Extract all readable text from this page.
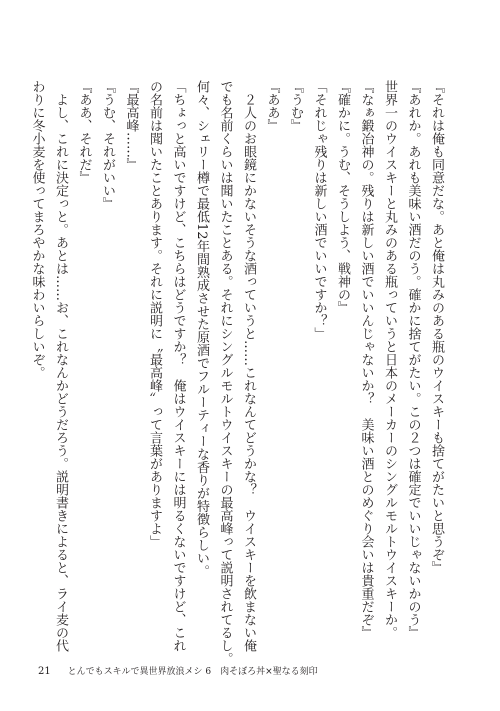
『それは俺も同意だな。あと俺は丸みのある瓶のウイスキーも捨てがたいと思うぞ』
『あれか。あれも美味い酒だのう。確かに捨てがたい。この２つは確定でいいじゃないかのう』
世界一のウイスキーと丸みのある瓶っていうと日本のメーカーのシングルモルトウイスキーか。
『なぁ鍛冶神の。残りは新しい酒でいいんじゃないか？　美味い酒とのめぐり会いは貴重だぞ』
『確かに。うむ、そうしよう、戦神の』
「それじゃ残りは新しい酒でいいですか？」
『うむ』
『ああ』
　２人のお眼鏡にかないそうな酒っていうと……これなんてどうかな？　ウイスキーを飲まない俺
でも名前くらいは聞いたことある。それにシングルモルトウイスキーの最高峰って説明されてるし。
何々、シェリー樽で最低12年間熟成させた原酒でフルーティーな香りが特徴らしい。
「ちょっと高いですけど、こちらはどうですか？　俺はウイスキーには明るくないですけど、これ
の名前は聞いたことあります。それに説明に〝最高峰〟って言葉がありますよ」
『最高峰……』
『うむ、それがいい』
『ああ、それだ』
　よし、これに決定っと。あとは……お、これなんかどうだろう。説明書きによると、ライ麦の代
わりに冬小麦を使ってまろやかな味わいらしいぞ。
21 とんでもスキルで異世界放浪メシ 6　肉そぼろ丼×聖なる刻印
